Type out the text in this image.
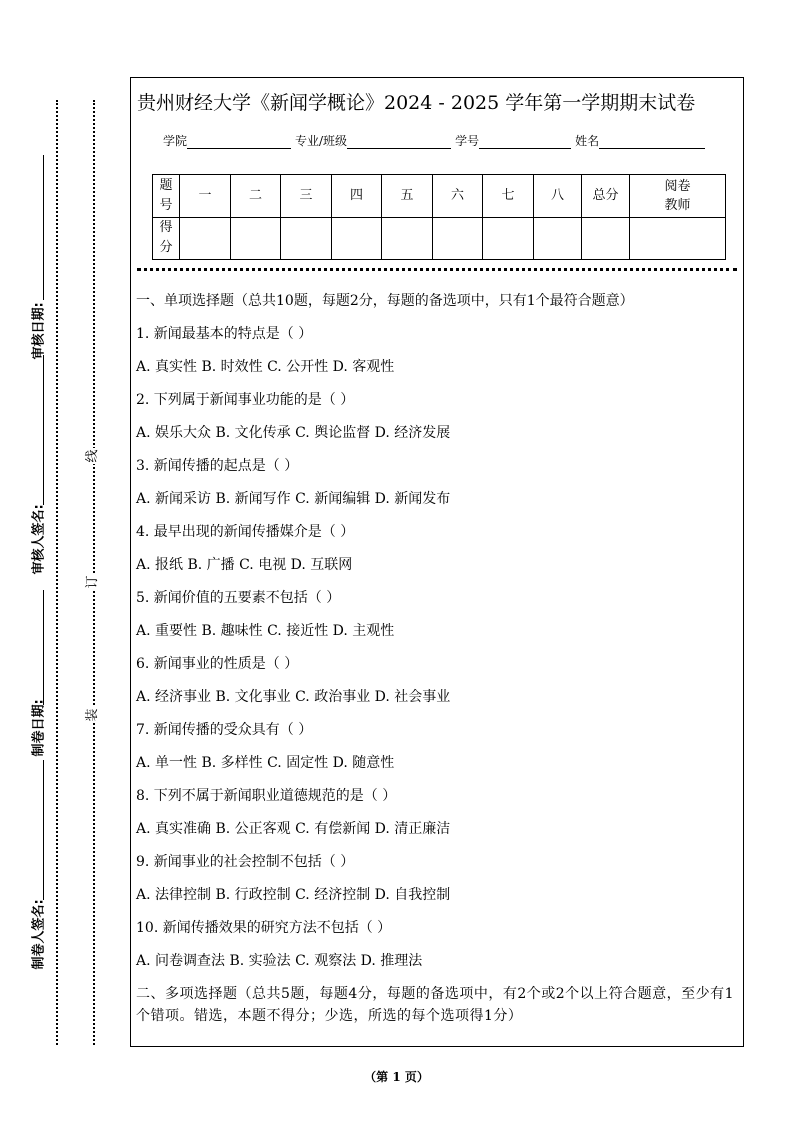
审核日期:
审核人签名:
制卷日期:
制卷人签名:
线
订
装
贵州财经大学《新闻学概论》2024 - 2025 学年第一学期期末试卷
学院	专业/班级	学号	姓名
题号	一	二	三	四	五	六	七	八	总分	阅卷教师
得分										
一、单项选择题（总共10题，每题2分，每题的备选项中，只有1个最符合题意）
1. 新闻最基本的特点是（ ）
A. 真实性 B. 时效性 C. 公开性 D. 客观性
2. 下列属于新闻事业功能的是（ ）
A. 娱乐大众 B. 文化传承 C. 舆论监督 D. 经济发展
3. 新闻传播的起点是（ ）
A. 新闻采访 B. 新闻写作 C. 新闻编辑 D. 新闻发布
4. 最早出现的新闻传播媒介是（ ）
A. 报纸 B. 广播 C. 电视 D. 互联网
5. 新闻价值的五要素不包括（ ）
A. 重要性 B. 趣味性 C. 接近性 D. 主观性
6. 新闻事业的性质是（ ）
A. 经济事业 B. 文化事业 C. 政治事业 D. 社会事业
7. 新闻传播的受众具有（ ）
A. 单一性 B. 多样性 C. 固定性 D. 随意性
8. 下列不属于新闻职业道德规范的是（ ）
A. 真实准确 B. 公正客观 C. 有偿新闻 D. 清正廉洁
9. 新闻事业的社会控制不包括（ ）
A. 法律控制 B. 行政控制 C. 经济控制 D. 自我控制
10. 新闻传播效果的研究方法不包括（ ）
A. 问卷调查法 B. 实验法 C. 观察法 D. 推理法
二、多项选择题（总共5题，每题4分，每题的备选项中，有2个或2个以上符合题意，至少有1个错项。错选，本题不得分；少选，所选的每个选项得1分）
（第 1 页）
